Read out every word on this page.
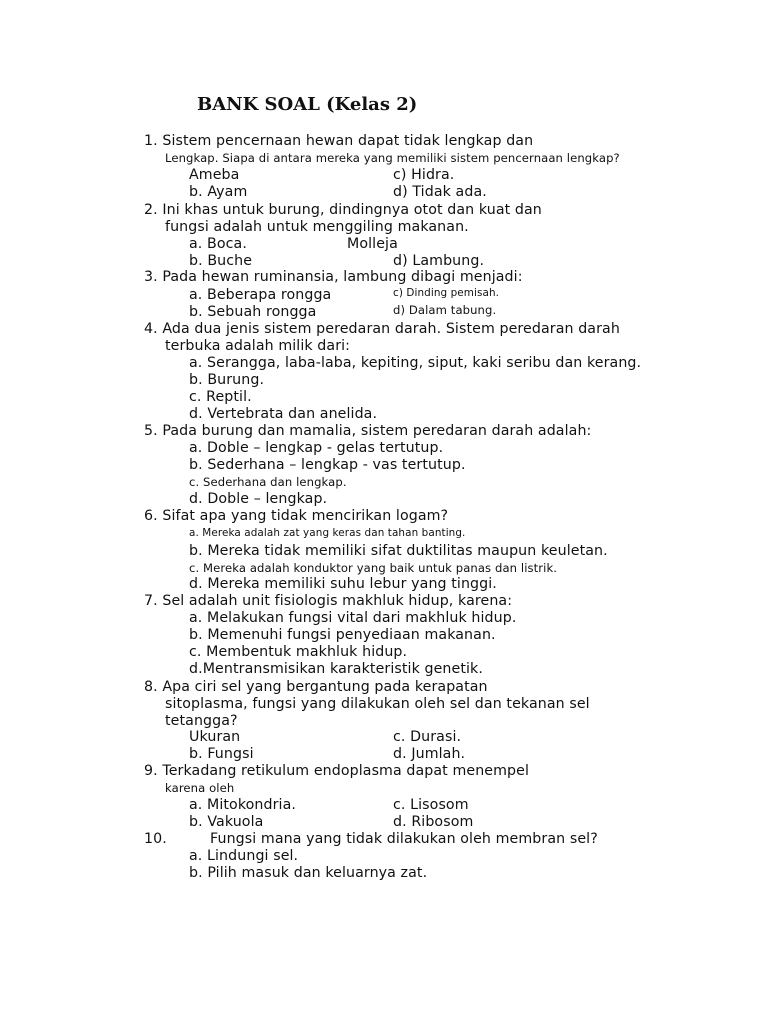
BANK SOAL (Kelas 2)
1. Sistem pencernaan hewan dapat tidak lengkap dan
Lengkap. Siapa di antara mereka yang memiliki sistem pencernaan lengkap?
Ameba	c) Hidra.
b. Ayam	d) Tidak ada.
2. Ini khas untuk burung, dindingnya otot dan kuat dan
fungsi adalah untuk menggiling makanan.
a. Boca.	Molleja
b. Buche	d) Lambung.
3. Pada hewan ruminansia, lambung dibagi menjadi:
a. Beberapa rongga	c) Dinding pemisah.
b. Sebuah rongga	d) Dalam tabung.
4. Ada dua jenis sistem peredaran darah. Sistem peredaran darah
terbuka adalah milik dari:
a. Serangga, laba-laba, kepiting, siput, kaki seribu dan kerang.
b. Burung.
c. Reptil.
d. Vertebrata dan anelida.
5. Pada burung dan mamalia, sistem peredaran darah adalah:
a. Doble – lengkap - gelas tertutup.
b. Sederhana – lengkap - vas tertutup.
c. Sederhana dan lengkap.
d. Doble – lengkap.
6. Sifat apa yang tidak mencirikan logam?
a. Mereka adalah zat yang keras dan tahan banting.
b. Mereka tidak memiliki sifat duktilitas maupun keuletan.
c. Mereka adalah konduktor yang baik untuk panas dan listrik.
d. Mereka memiliki suhu lebur yang tinggi.
7. Sel adalah unit fisiologis makhluk hidup, karena:
a. Melakukan fungsi vital dari makhluk hidup.
b. Memenuhi fungsi penyediaan makanan.
c. Membentuk makhluk hidup.
d.Mentransmisikan karakteristik genetik.
8. Apa ciri sel yang bergantung pada kerapatan
sitoplasma, fungsi yang dilakukan oleh sel dan tekanan sel
tetangga?
Ukuran	c. Durasi.
b. Fungsi	d. Jumlah.
9. Terkadang retikulum endoplasma dapat menempel
karena oleh
a. Mitokondria.	c. Lisosom
b. Vakuola	d. Ribosom
10.	Fungsi mana yang tidak dilakukan oleh membran sel?
a. Lindungi sel.
b. Pilih masuk dan keluarnya zat.
